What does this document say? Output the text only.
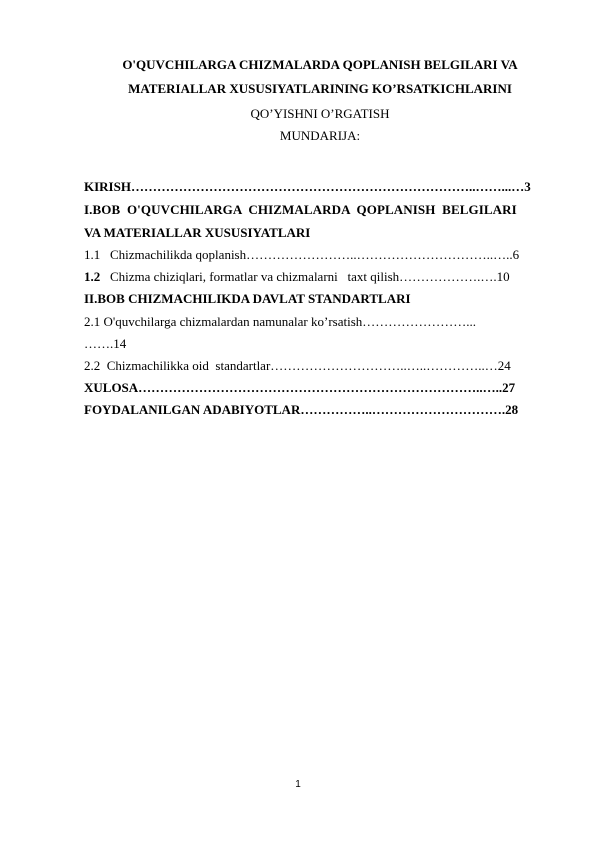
O'QUVCHILARGA CHIZMALARDA QOPLANISH BELGILARI VA
MATERIALLAR XUSUSIYATLARINING KO’RSATKICHLARINI
QO’YISHNI O’RGATISH
MUNDARIJA:
KIRISH……………………………………………………………………..……...…3
I.BOB  O'QUVCHILARGA  CHIZMALARDA  QOPLANISH  BELGILARI
VA MATERIALLAR XUSUSIYATLARI
1.1   Chizmachilikda qoplanish……………………..…………………………..…..6
1.2   Chizma chiziqlari, formatlar va chizmalarni   taxt qilish……………….….10
II.BOB CHIZMACHILIKDA DAVLAT STANDARTLARI
2.1 O'quvchilarga chizmalardan namunalar ko’rsatish……………………...
…….14
2.2  Chizmachilikka oid  standartlar…………………………..…..…………..…24
XULOSA……………………………………………………………………..…..27
FOYDALANILGAN ADABIYOTLAR……………..………………………….28
1
